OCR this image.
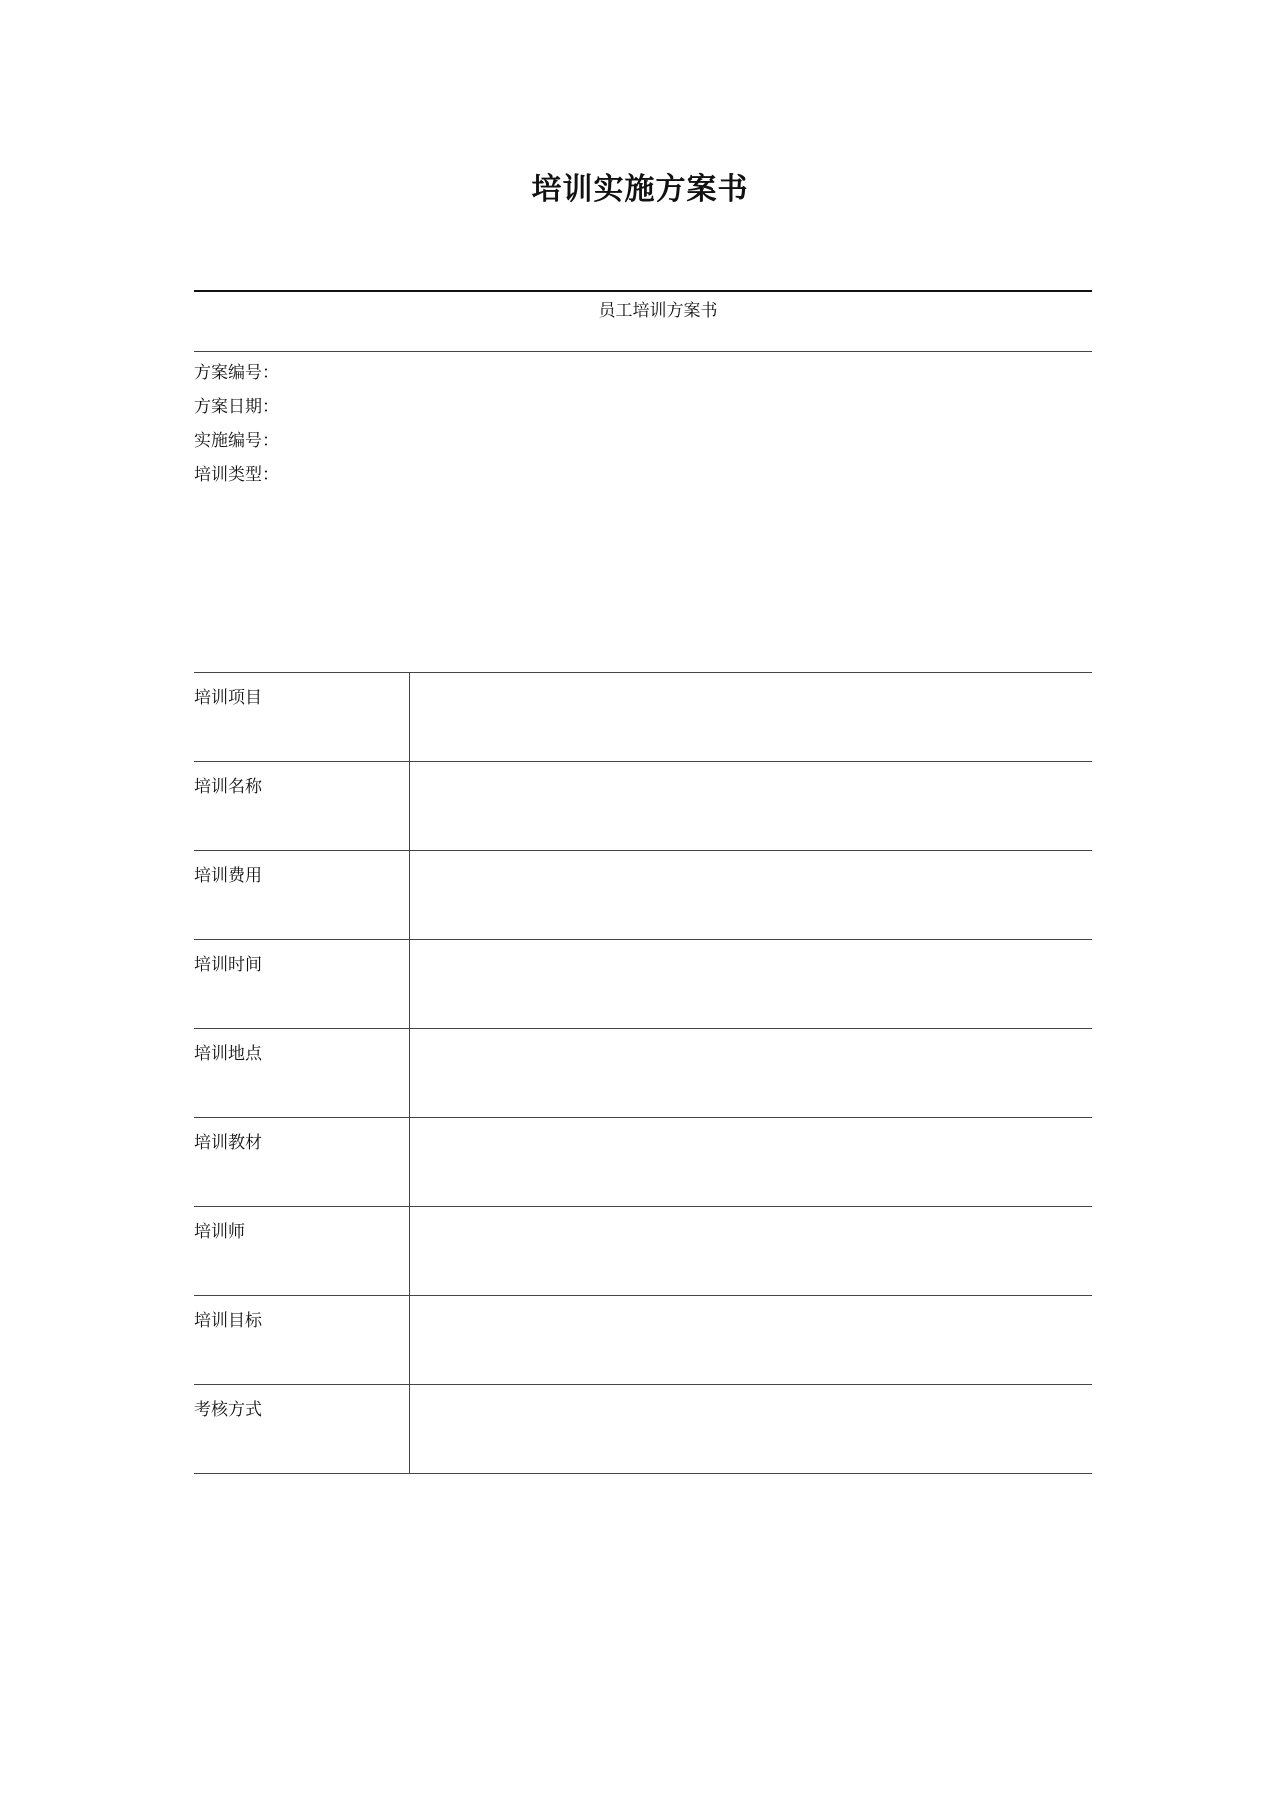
培训实施方案书
员工培训方案书
方案编号：
方案日期：
实施编号：
培训类型：
培训项目	
培训名称	
培训费用	
培训时间	
培训地点	
培训教材	
培训师	
培训目标	
考核方式	
